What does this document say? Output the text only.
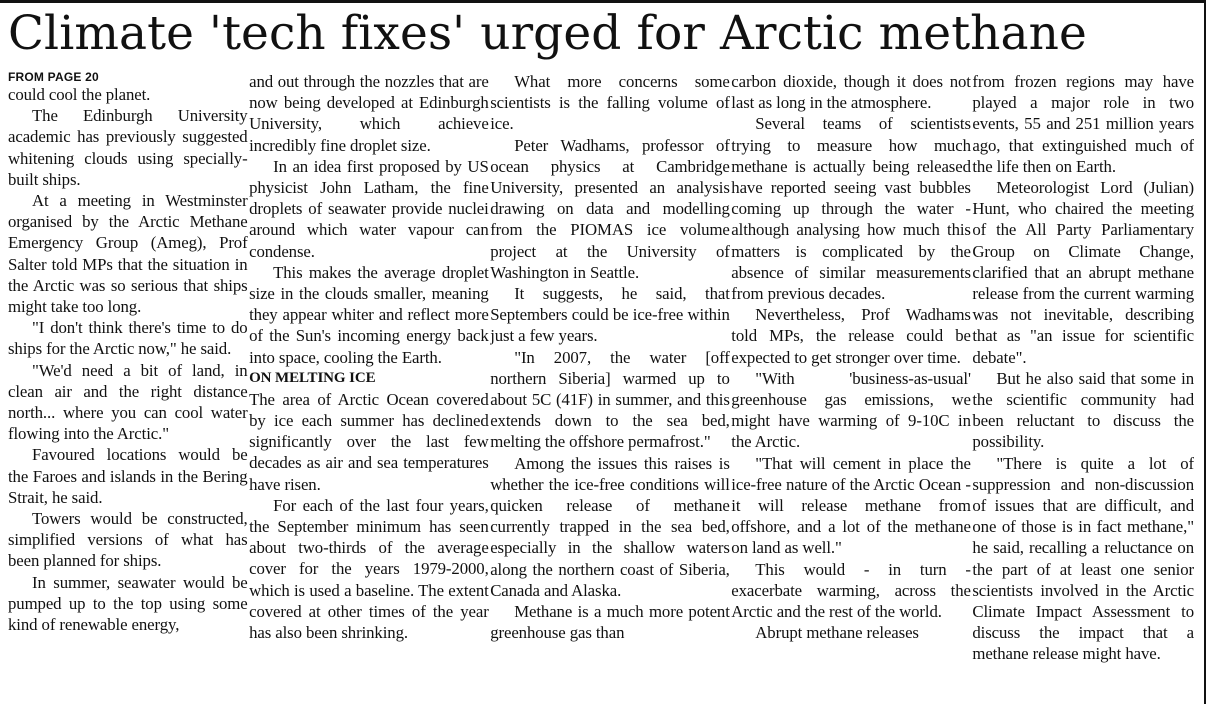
Climate 'tech fixes' urged for Arctic methane
FROM PAGE 20

could cool the planet.

The Edinburgh University academic has previously suggested whitening clouds using specially-built ships.

At a meeting in Westminster organised by the Arctic Methane Emergency Group (Ameg), Prof Salter told MPs that the situation in the Arctic was so serious that ships might take too long.

"I don't think there's time to do ships for the Arctic now," he said.

"We'd need a bit of land, in clean air and the right distance north... where you can cool water flowing into the Arctic."

Favoured locations would be the Faroes and islands in the Bering Strait, he said.

Towers would be constructed, simplified versions of what has been planned for ships.

In summer, seawater would be pumped up to the top using some kind of renewable energy,

and out through the nozzles that are now being developed at Edinburgh University, which achieve incredibly fine droplet size.

In an idea first proposed by US physicist John Latham, the fine droplets of seawater provide nuclei around which water vapour can condense.

This makes the average droplet size in the clouds smaller, meaning they appear whiter and reflect more of the Sun's incoming energy back into space, cooling the Earth.

ON MELTING ICE

The area of Arctic Ocean covered by ice each summer has declined significantly over the last few decades as air and sea temperatures have risen.

For each of the last four years, the September minimum has seen about two-thirds of the average cover for the years 1979-2000, which is used a baseline. The extent covered at other times of the year has also been shrinking.

What more concerns some scientists is the falling volume of ice.

Peter Wadhams, professor of ocean physics at Cambridge University, presented an analysis drawing on data and modelling from the PIOMAS ice volume project at the University of Washington in Seattle.

It suggests, he said, that Septembers could be ice-free within just a few years.

"In 2007, the water [off northern Siberia] warmed up to about 5C (41F) in summer, and this extends down to the sea bed, melting the offshore permafrost."

Among the issues this raises is whether the ice-free conditions will quicken release of methane currently trapped in the sea bed, especially in the shallow waters along the northern coast of Siberia, Canada and Alaska.

Methane is a much more potent greenhouse gas than

carbon dioxide, though it does not last as long in the atmosphere.

Several teams of scientists trying to measure how much methane is actually being released have reported seeing vast bubbles coming up through the water - although analysing how much this matters is complicated by the absence of similar measurements from previous decades.

Nevertheless, Prof Wadhams told MPs, the release could be expected to get stronger over time.

"With 'business-as-usual' greenhouse gas emissions, we might have warming of 9-10C in the Arctic.

"That will cement in place the ice-free nature of the Arctic Ocean - it will release methane from offshore, and a lot of the methane on land as well."

This would - in turn - exacerbate warming, across the Arctic and the rest of the world.

Abrupt methane releases

from frozen regions may have played a major role in two events, 55 and 251 million years ago, that extinguished much of the life then on Earth.

Meteorologist Lord (Julian) Hunt, who chaired the meeting of the All Party Parliamentary Group on Climate Change, clarified that an abrupt methane release from the current warming was not inevitable, describing that as "an issue for scientific debate".

But he also said that some in the scientific community had been reluctant to discuss the possibility.

"There is quite a lot of suppression and non-discussion of issues that are difficult, and one of those is in fact methane," he said, recalling a reluctance on the part of at least one senior scientists involved in the Arctic Climate Impact Assessment to discuss the impact that a methane release might have.
